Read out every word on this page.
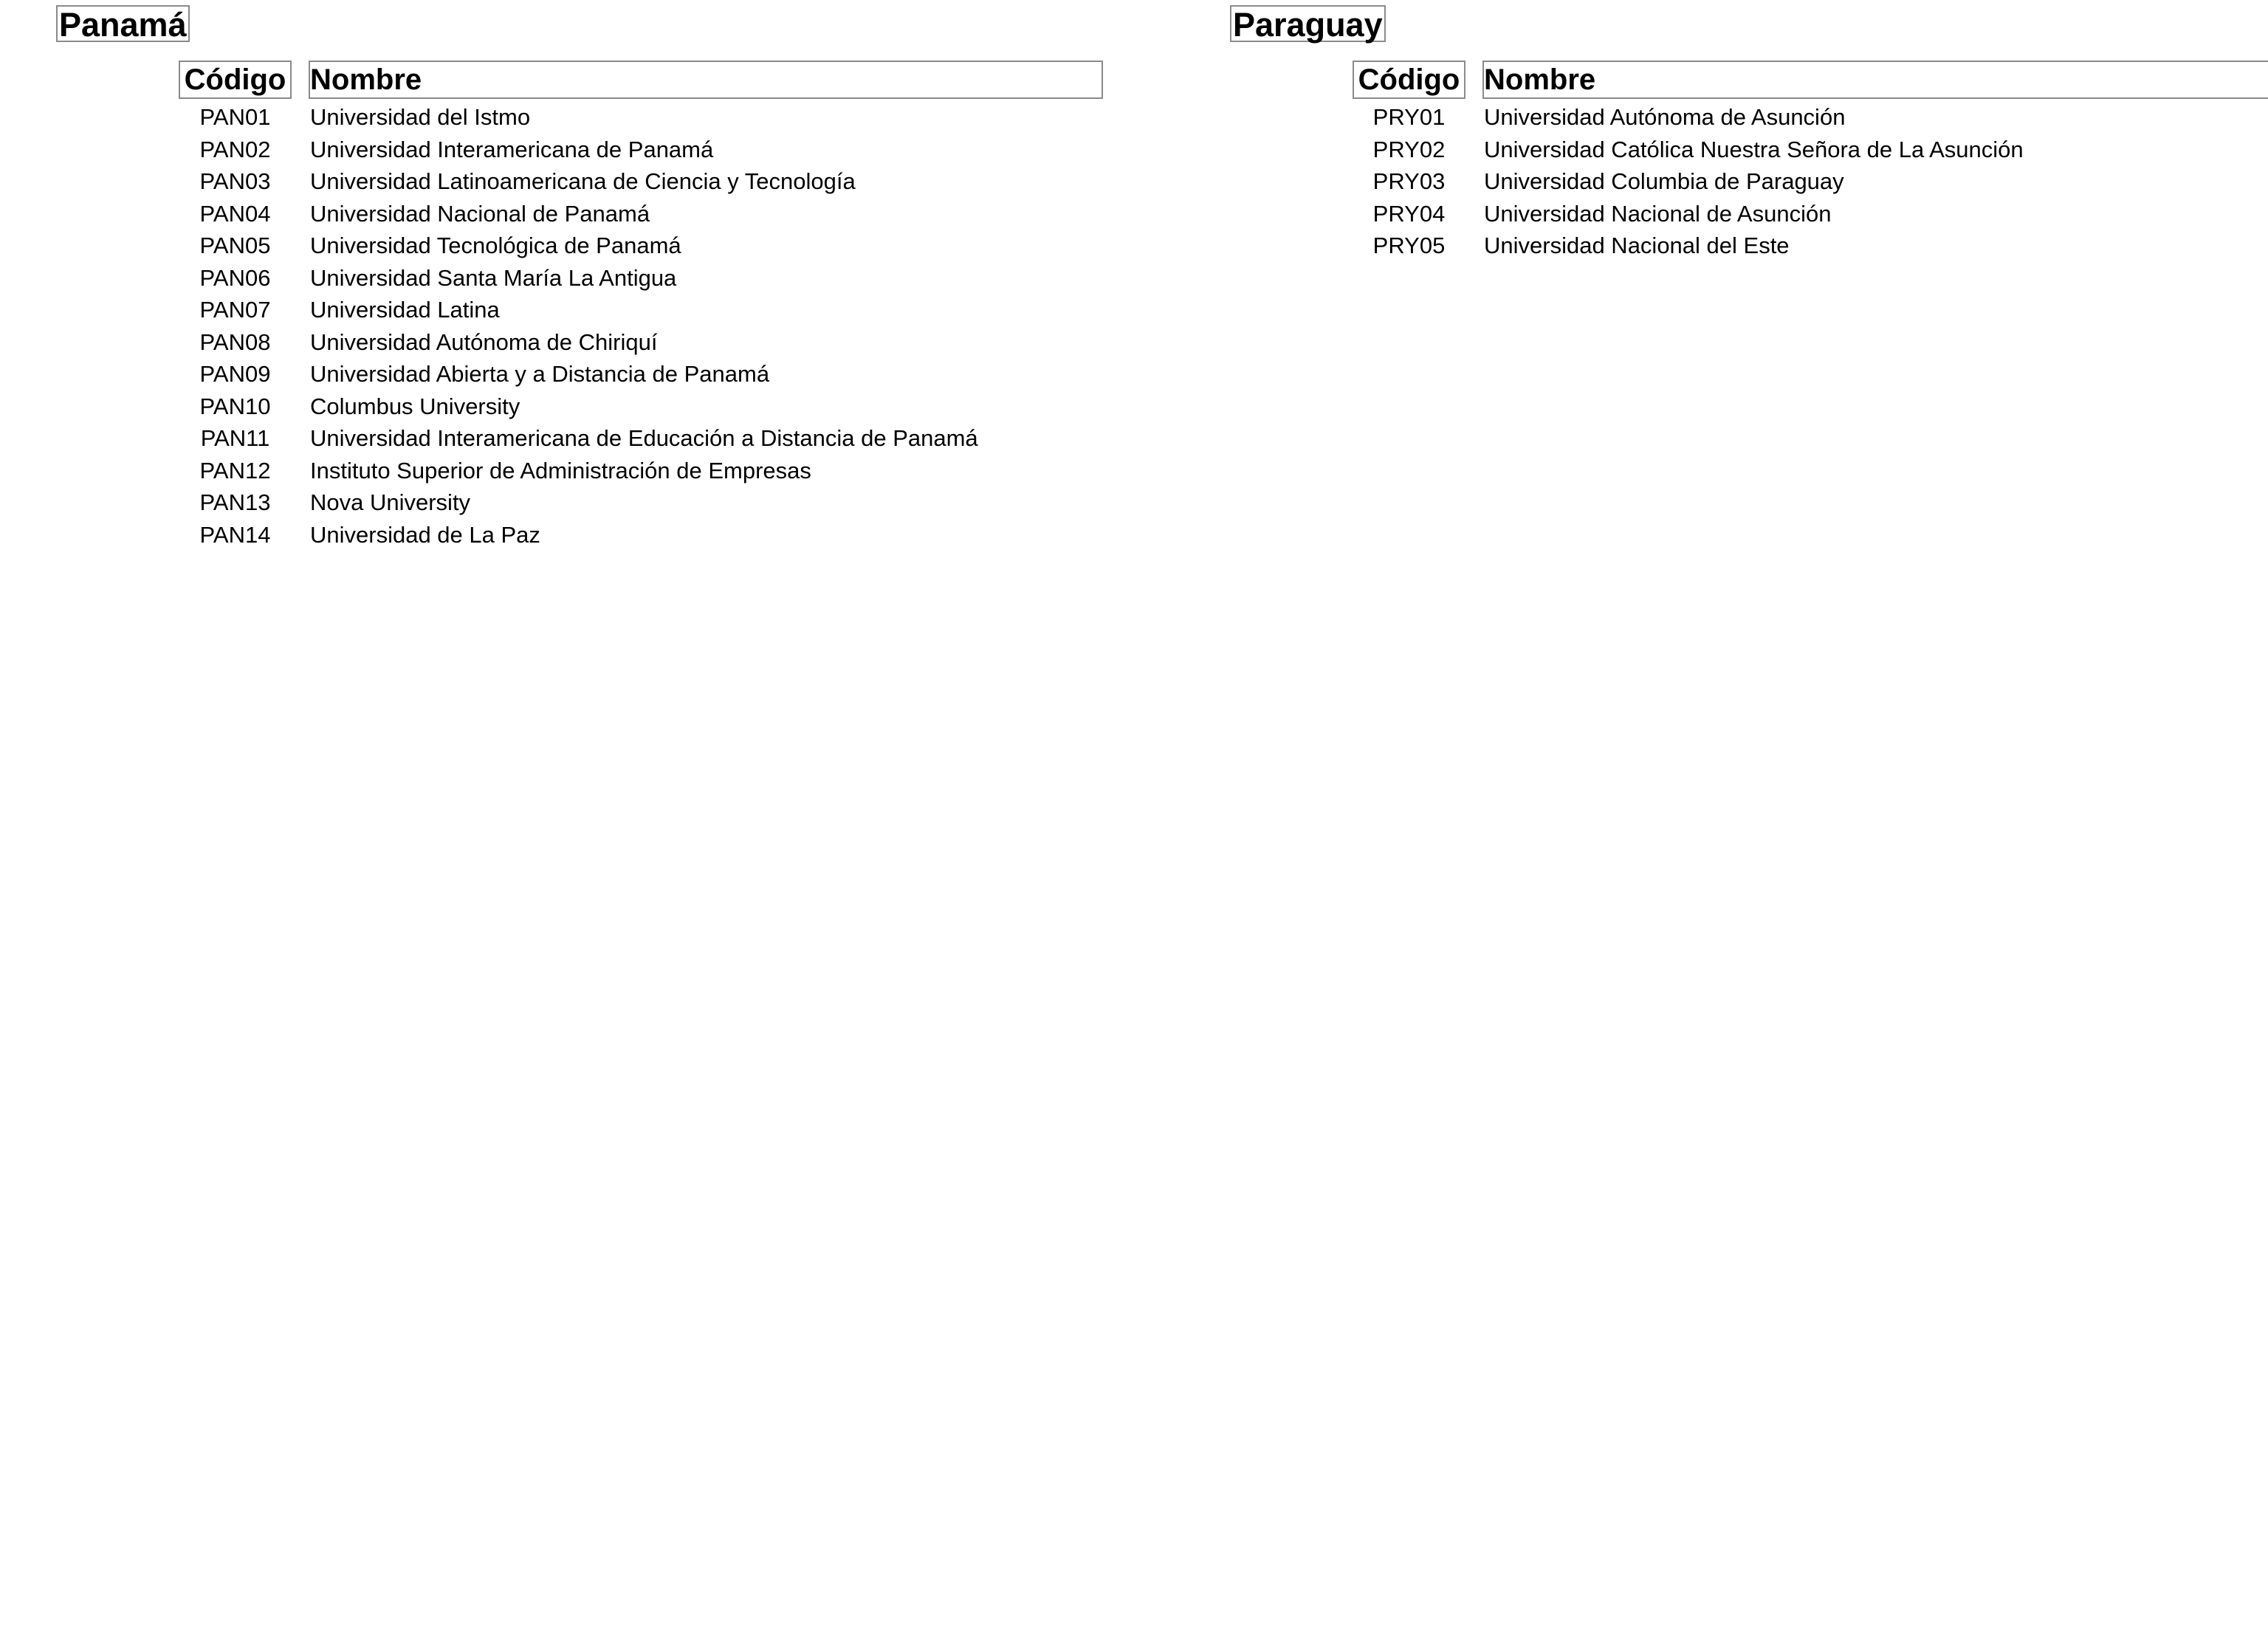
Panamá
Código Nombre
PAN01	Universidad del Istmo
PAN02	Universidad Interamericana de Panamá
PAN03	Universidad Latinoamericana de Ciencia y Tecnología
PAN04	Universidad Nacional de Panamá
PAN05	Universidad Tecnológica de Panamá
PAN06	Universidad Santa María La Antigua
PAN07	Universidad Latina
PAN08	Universidad Autónoma de Chiriquí
PAN09	Universidad Abierta y a Distancia de Panamá
PAN10	Columbus University
PAN11	Universidad Interamericana de Educación a Distancia de Panamá
PAN12	Instituto Superior de Administración de Empresas
PAN13	Nova University
PAN14	Universidad de La Paz
Paraguay
Código Nombre
PRY01	Universidad Autónoma de Asunción
PRY02	Universidad Católica Nuestra Señora de La Asunción
PRY03	Universidad Columbia de Paraguay
PRY04	Universidad Nacional de Asunción
PRY05	Universidad Nacional del Este
